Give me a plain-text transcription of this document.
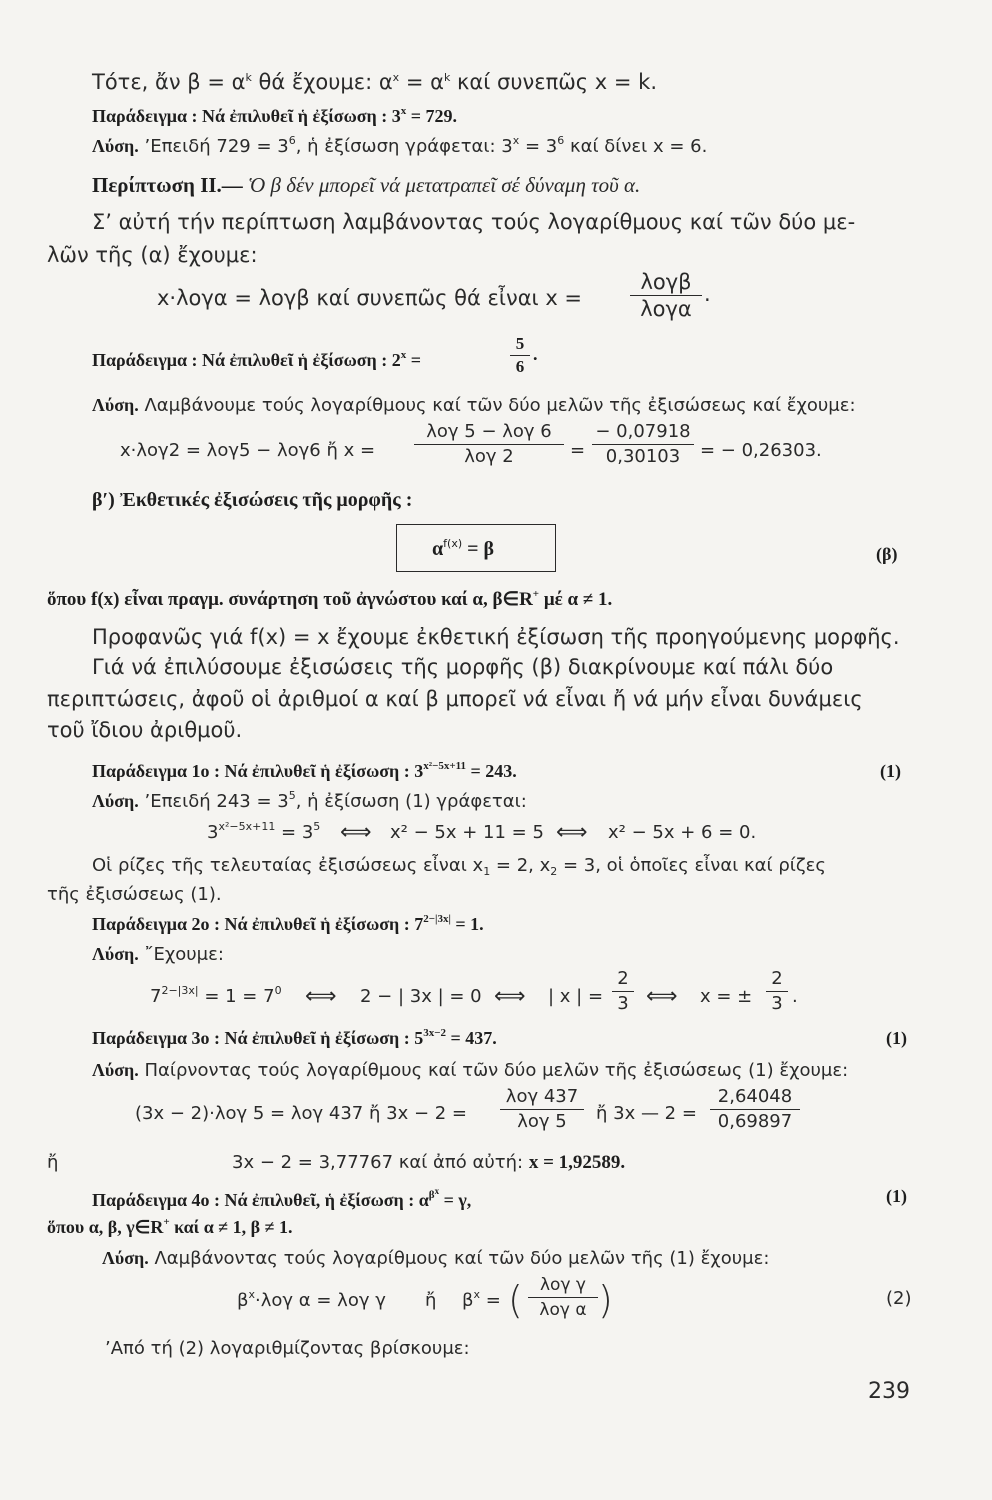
Τότε, ἄν $\beta = \alpha^k$ θά ἔχουμε: $\alpha^x = \alpha^k$ καί συνεπῶς x = k.
Παράδειγμα : Νά ἐπιλυθεῖ ἡ ἐξίσωση : $3^x = 729$.
Λύση. ’Επειδή $729 = 3^6$, ἡ ἐξίσωση γράφεται: $3^x = 3^6$ καί δίνει x = 6.
Περίπτωση ΙΙ.— Ὁ β δέν μπορεῖ νά μετατραπεῖ σέ δύναμη τοῦ α.
Σ’ αὐτή τήν περίπτωση λαμβάνοντας τούς λογαρίθμους καί τῶν δύο με-
λῶν τῆς (α) ἔχουμε:
x·λογα = λογβ καί συνεπῶς θά εἶναι x =
λογβ
λογα
.
Παράδειγμα : Νά ἐπιλυθεῖ ἡ ἐξίσωση : $2^x$ =
5
6
.
Λύση. Λαμβάνουμε τούς λογαρίθμους καί τῶν δύο μελῶν τῆς ἐξισώσεως καί ἔχουμε:
x·λογ2 = λογ5 − λογ6 ἤ x =
λογ 5 − λογ 6
λογ 2	=
− 0,07918
0,30103	= − 0,26303.
β′) Ἐκθετικές ἐξισώσεις τῆς μορφῆς :
$\alpha^{f(x)} = \beta$	(β)
ὅπου f(x) εἶναι πραγμ. συνάρτηση τοῦ ἀγνώστου καί α, β∈R+ μέ α ≠ 1.
Προφανῶς γιά f(x) = x ἔχουμε ἐκθετική ἐξίσωση τῆς προηγούμενης μορφῆς.
Γιά νά ἐπιλύσουμε ἐξισώσεις τῆς μορφῆς (β) διακρίνουμε καί πάλι δύο
περιπτώσεις, ἀφοῦ οἱ ἀριθμοί α καί β μπορεῖ νά εἶναι ἤ νά μήν εἶναι δυνάμεις
τοῦ ἴδιου ἀριθμοῦ.
Παράδειγμα 1ο : Νά ἐπιλυθεῖ ἡ ἐξίσωση : $3^{x^2-5x+11} = 243$.	(1)
Λύση. ’Επειδή $243 = 3^5$, ἡ ἐξίσωση (1) γράφεται:
$3^{x^2-5x+11} = 3^5$ ⟺ x² − 5x + 11 = 5 ⟺ x² − 5x + 6 = 0.
Οἱ ρίζες τῆς τελευταίας ἐξισώσεως εἶναι $x_1 = 2$, $x_2 = 3$, οἱ ὁποῖες εἶναι καί ρίζες
τῆς ἐξισώσεως (1).
Παράδειγμα 2ο : Νά ἐπιλυθεῖ ἡ ἐξίσωση : $7^{2-|3x|} = 1$.
Λύση. ῎Εχουμε:
$7^{2-|3x|} = 1 = 7^0$ ⟺ 2 − | 3x | = 0 ⟺ | x | =
2
3 ⟺ x = ±
2
3 .
Παράδειγμα 3ο : Νά ἐπιλυθεῖ ἡ ἐξίσωση : $5^{3x-2} = 437$.	(1)
Λύση. Παίρνοντας τούς λογαρίθμους καί τῶν δύο μελῶν τῆς ἐξισώσεως (1) ἔχουμε:
(3x − 2)·λογ 5 = λογ 437 ἤ 3x − 2 =
λογ 437
λογ 5	ἤ 3x — 2 =
2,64048
0,69897
ἤ	3x − 2 = 3,77767 καί ἀπό αὐτή: x = 1,92589.
Παράδειγμα 4ο : Νά ἐπιλυθεῖ, ἡ ἐξίσωση : $\alpha^{\beta^x} = \gamma$,	(1)
ὅπου α, β, γ∈R+ καί α ≠ 1, β ≠ 1.
Λύση. Λαμβάνοντας τούς λογαρίθμους καί τῶν δύο μελῶν τῆς (1) ἔχουμε:
$\beta^x\cdot\lambda o\gamma$ α = λογ γ ἤ $\beta^x$ = (	λογ γ
λογ α )	(2)
’Από τή (2) λογαριθμίζοντας βρίσκουμε:
239
